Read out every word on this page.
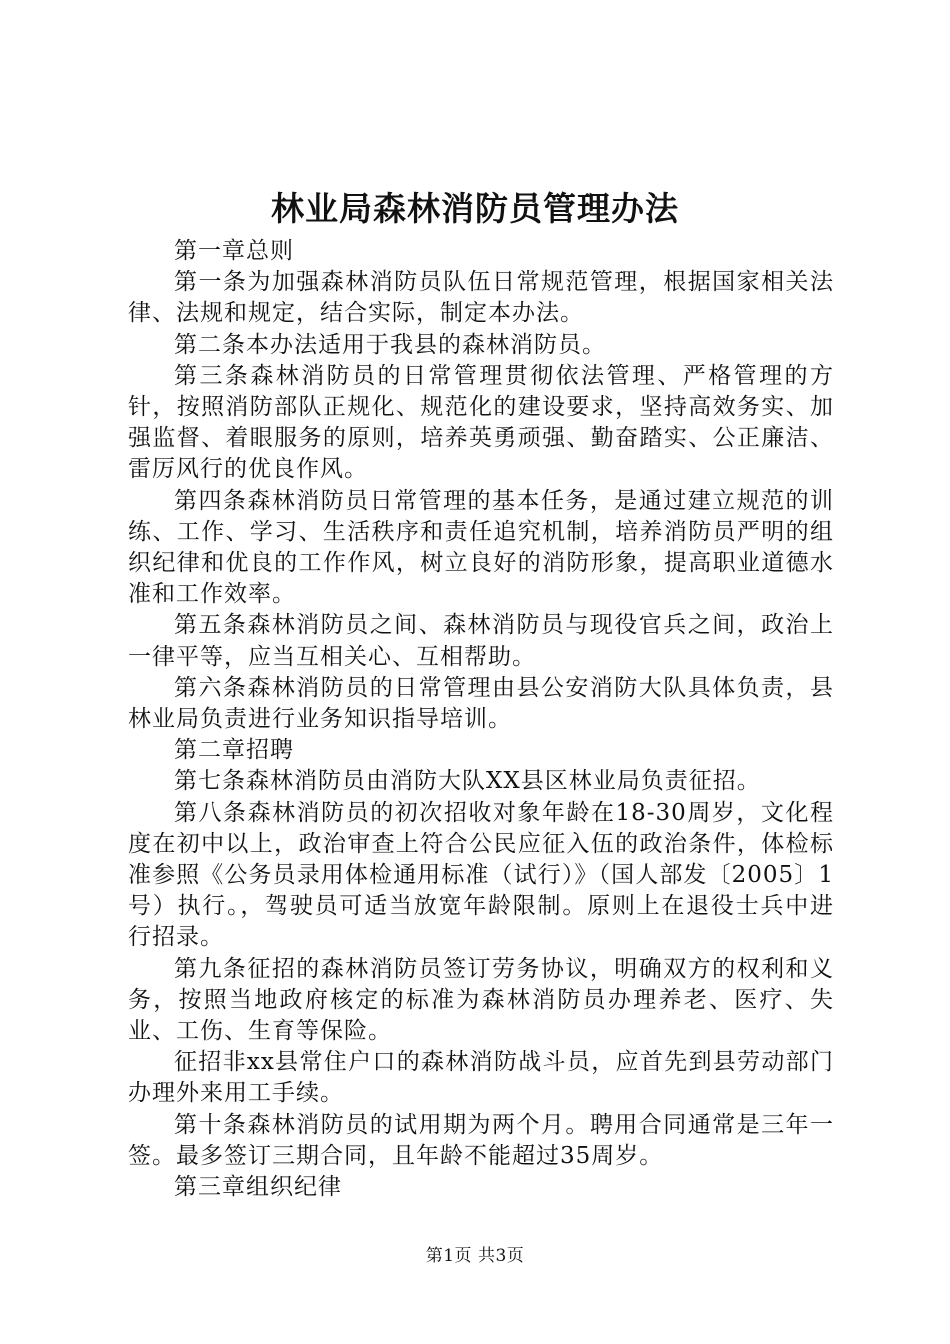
林业局森林消防员管理办法

第一章总则

第一条为加强森林消防员队伍日常规范管理，根据国家相关法律、法规和规定，结合实际，制定本办法。

第二条本办法适用于我县的森林消防员。

第三条森林消防员的日常管理贯彻依法管理、严格管理的方针，按照消防部队正规化、规范化的建设要求，坚持高效务实、加强监督、着眼服务的原则，培养英勇顽强、勤奋踏实、公正廉洁、雷厉风行的优良作风。

第四条森林消防员日常管理的基本任务，是通过建立规范的训练、工作、学习、生活秩序和责任追究机制，培养消防员严明的组织纪律和优良的工作作风，树立良好的消防形象，提高职业道德水准和工作效率。

第五条森林消防员之间、森林消防员与现役官兵之间，政治上一律平等，应当互相关心、互相帮助。

第六条森林消防员的日常管理由县公安消防大队具体负责，县林业局负责进行业务知识指导培训。

第二章招聘

第七条森林消防员由消防大队XX县区林业局负责征招。

第八条森林消防员的初次招收对象年龄在18-30周岁，文化程度在初中以上，政治审查上符合公民应征入伍的政治条件，体检标准参照《公务员录用体检通用标准（试行）》（国人部发〔2005〕1号）执行。，驾驶员可适当放宽年龄限制。原则上在退役士兵中进行招录。

第九条征招的森林消防员签订劳务协议，明确双方的权利和义务，按照当地政府核定的标准为森林消防员办理养老、医疗、失业、工伤、生育等保险。

征招非xx县常住户口的森林消防战斗员，应首先到县劳动部门办理外来用工手续。

第十条森林消防员的试用期为两个月。聘用合同通常是三年一签。最多签订三期合同，且年龄不能超过35周岁。

第三章组织纪律

第1页 共3页
